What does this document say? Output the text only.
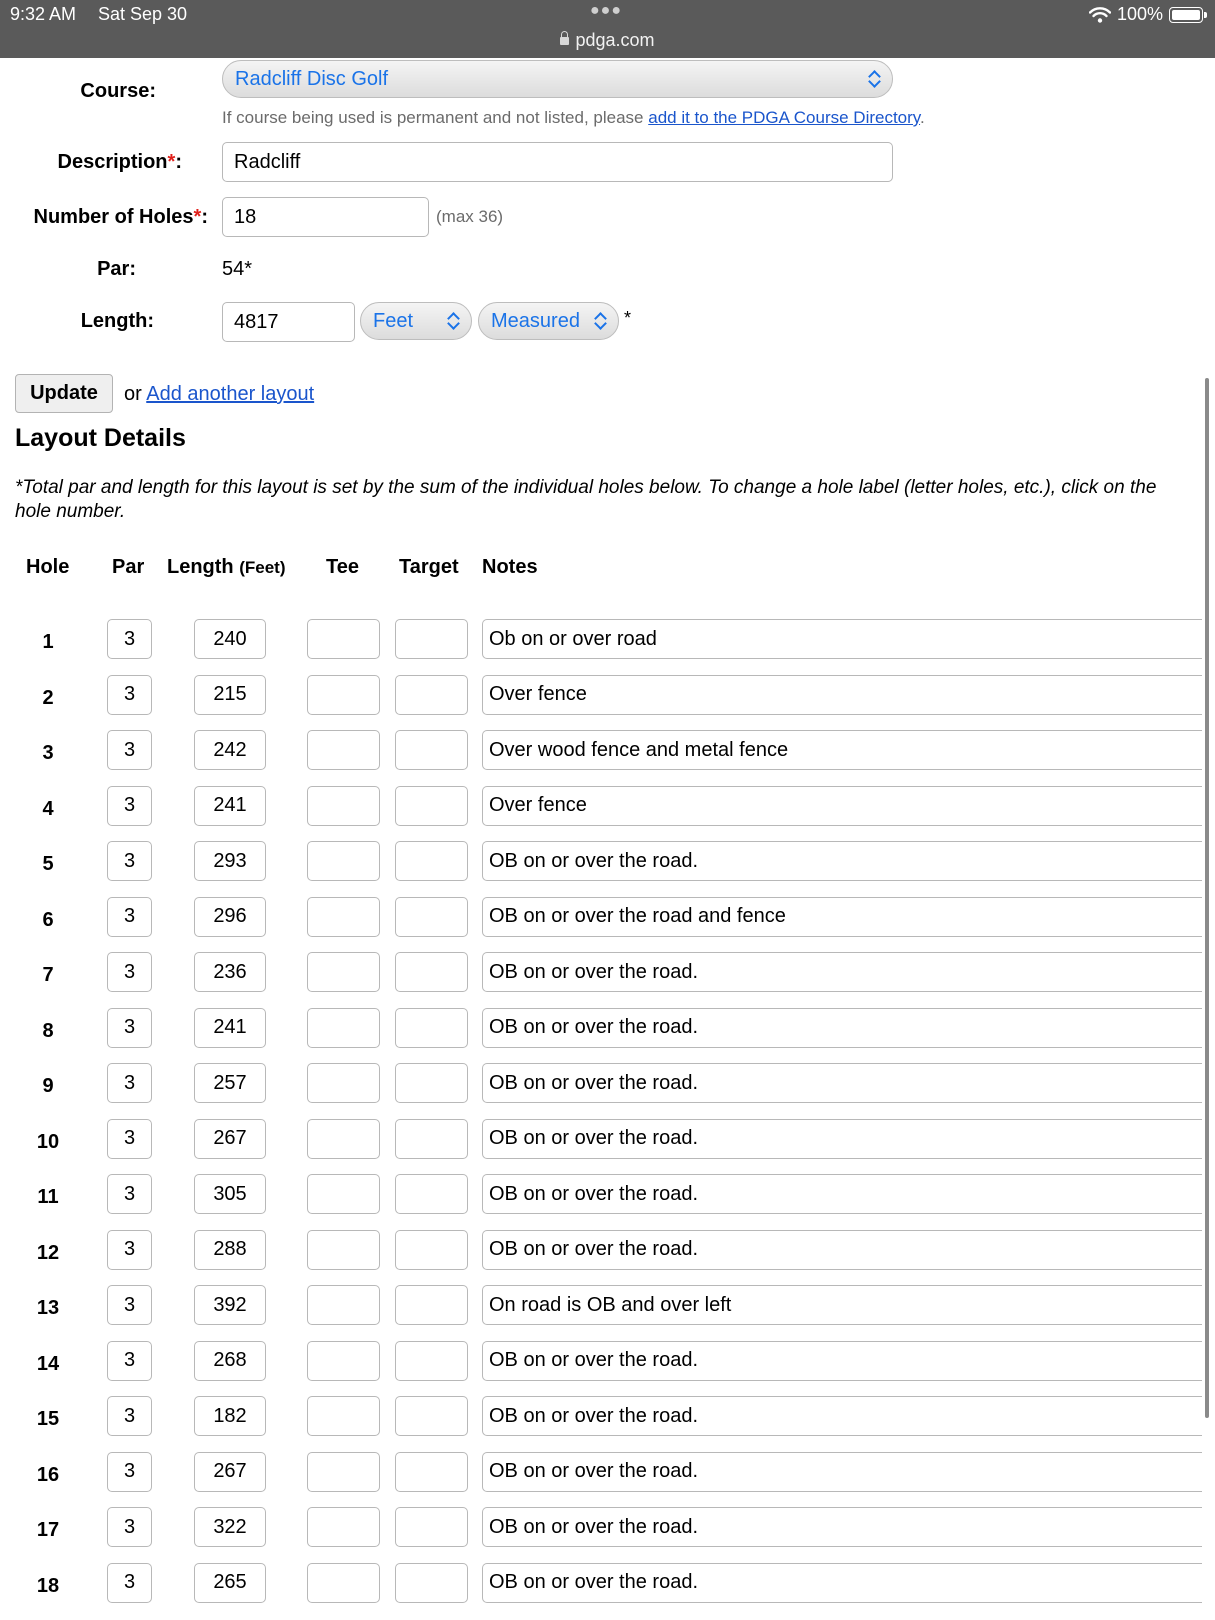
9:32 AM Sat Sep 30	●●●
pdga.com
100%
Course:
Radcliff Disc Golf
If course being used is permanent and not listed, please add it to the PDGA Course Directory.
Description*:	Radcliff
Number of Holes*:	18	(max 36)
Par:	54*
Length:	4817	Feet	Measured *
Update	or Add another layout
Layout Details
*Total par and length for this layout is set by the sum of the individual holes below. To change a hole label (letter holes, etc.), click on the hole number.
Hole Par Length (Feet) Tee Target Notes
1	3	240	Ob on or over road
2	3	215	Over fence
3	3	242	Over wood fence and metal fence
4	3	241	Over fence
5	3	293	OB on or over the road.
6	3	296	OB on or over the road and fence
7	3	236	OB on or over the road.
8	3	241	OB on or over the road.
9	3	257	OB on or over the road.
10	3	267	OB on or over the road.
11	3	305	OB on or over the road.
12	3	288	OB on or over the road.
13	3	392	On road is OB and over left
14	3	268	OB on or over the road.
15	3	182	OB on or over the road.
16	3	267	OB on or over the road.
17	3	322	OB on or over the road.
18	3	265	OB on or over the road.
